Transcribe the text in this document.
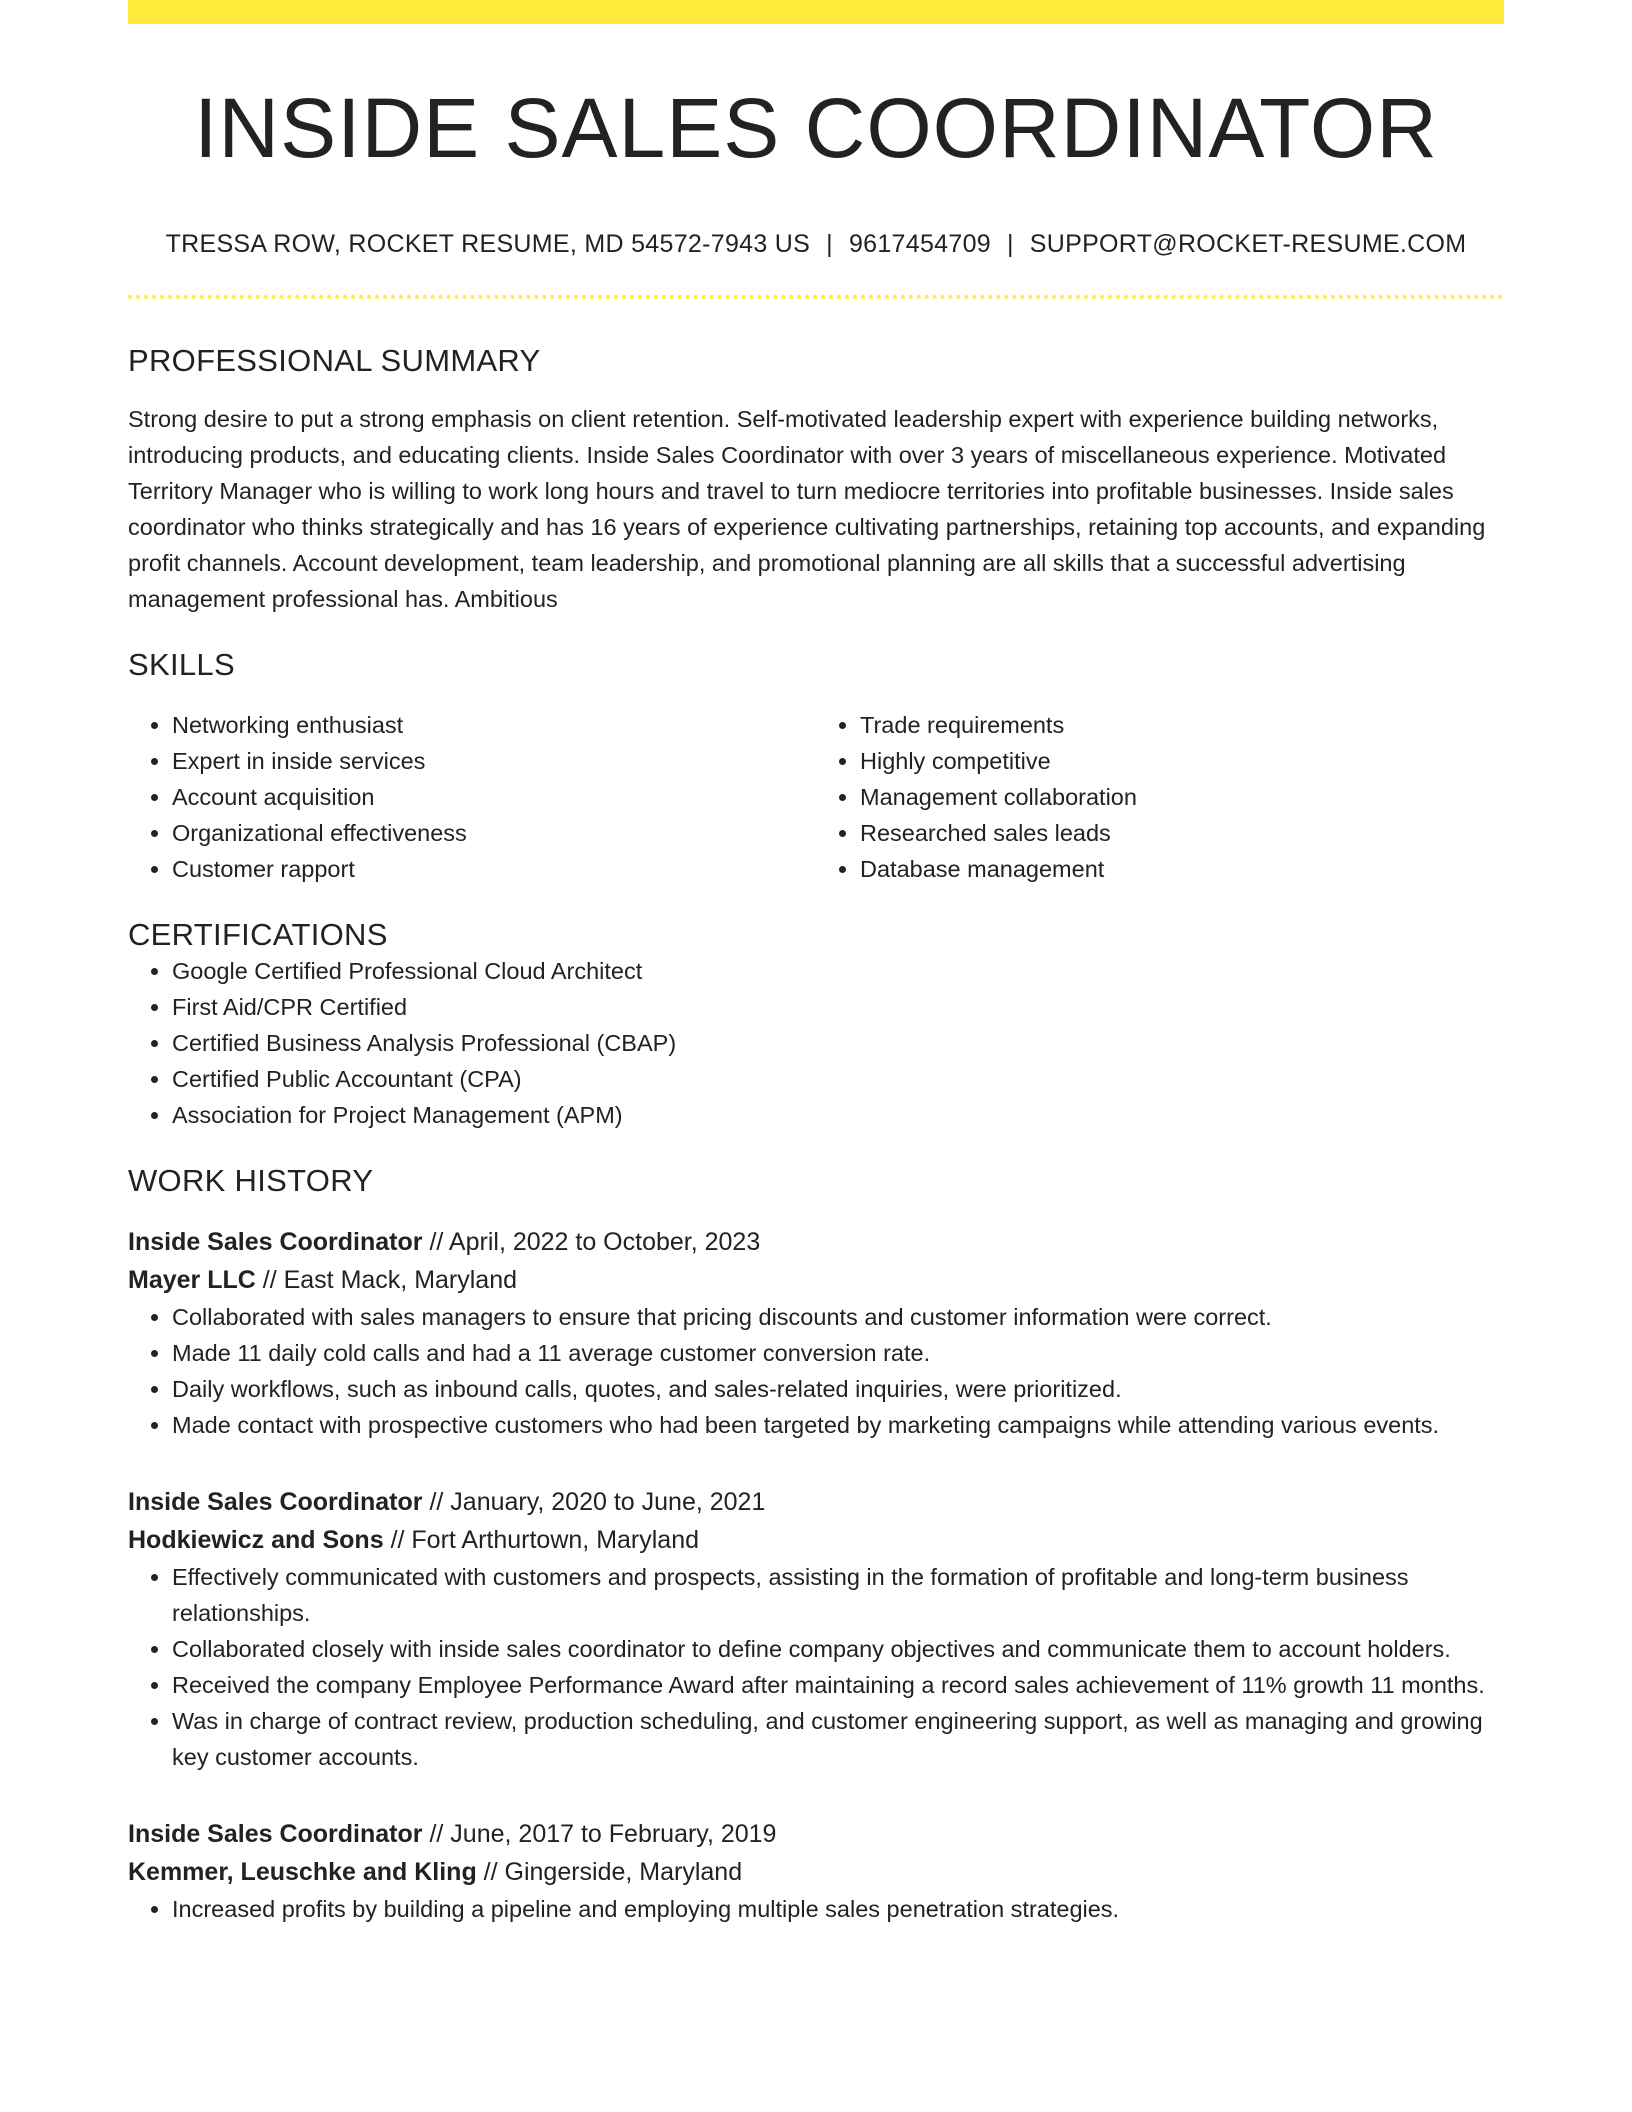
INSIDE SALES COORDINATOR
TRESSA ROW, ROCKET RESUME, MD 54572-7943 US | 9617454709 | SUPPORT@ROCKET-RESUME.COM
PROFESSIONAL SUMMARY
Strong desire to put a strong emphasis on client retention. Self-motivated leadership expert with experience building networks, introducing products, and educating clients. Inside Sales Coordinator with over 3 years of miscellaneous experience. Motivated Territory Manager who is willing to work long hours and travel to turn mediocre territories into profitable businesses. Inside sales coordinator who thinks strategically and has 16 years of experience cultivating partnerships, retaining top accounts, and expanding profit channels. Account development, team leadership, and promotional planning are all skills that a successful advertising management professional has. Ambitious
SKILLS
• Networking enthusiast
• Expert in inside services
• Account acquisition
• Organizational effectiveness
• Customer rapport
• Trade requirements
• Highly competitive
• Management collaboration
• Researched sales leads
• Database management
CERTIFICATIONS
• Google Certified Professional Cloud Architect
• First Aid/CPR Certified
• Certified Business Analysis Professional (CBAP)
• Certified Public Accountant (CPA)
• Association for Project Management (APM)
WORK HISTORY
Inside Sales Coordinator // April, 2022 to October, 2023
Mayer LLC // East Mack, Maryland
• Collaborated with sales managers to ensure that pricing discounts and customer information were correct.
• Made 11 daily cold calls and had a 11 average customer conversion rate.
• Daily workflows, such as inbound calls, quotes, and sales-related inquiries, were prioritized.
• Made contact with prospective customers who had been targeted by marketing campaigns while attending various events.
Inside Sales Coordinator // January, 2020 to June, 2021
Hodkiewicz and Sons // Fort Arthurtown, Maryland
• Effectively communicated with customers and prospects, assisting in the formation of profitable and long-term business relationships.
• Collaborated closely with inside sales coordinator to define company objectives and communicate them to account holders.
• Received the company Employee Performance Award after maintaining a record sales achievement of 11% growth 11 months.
• Was in charge of contract review, production scheduling, and customer engineering support, as well as managing and growing key customer accounts.
Inside Sales Coordinator // June, 2017 to February, 2019
Kemmer, Leuschke and Kling // Gingerside, Maryland
• Increased profits by building a pipeline and employing multiple sales penetration strategies.
